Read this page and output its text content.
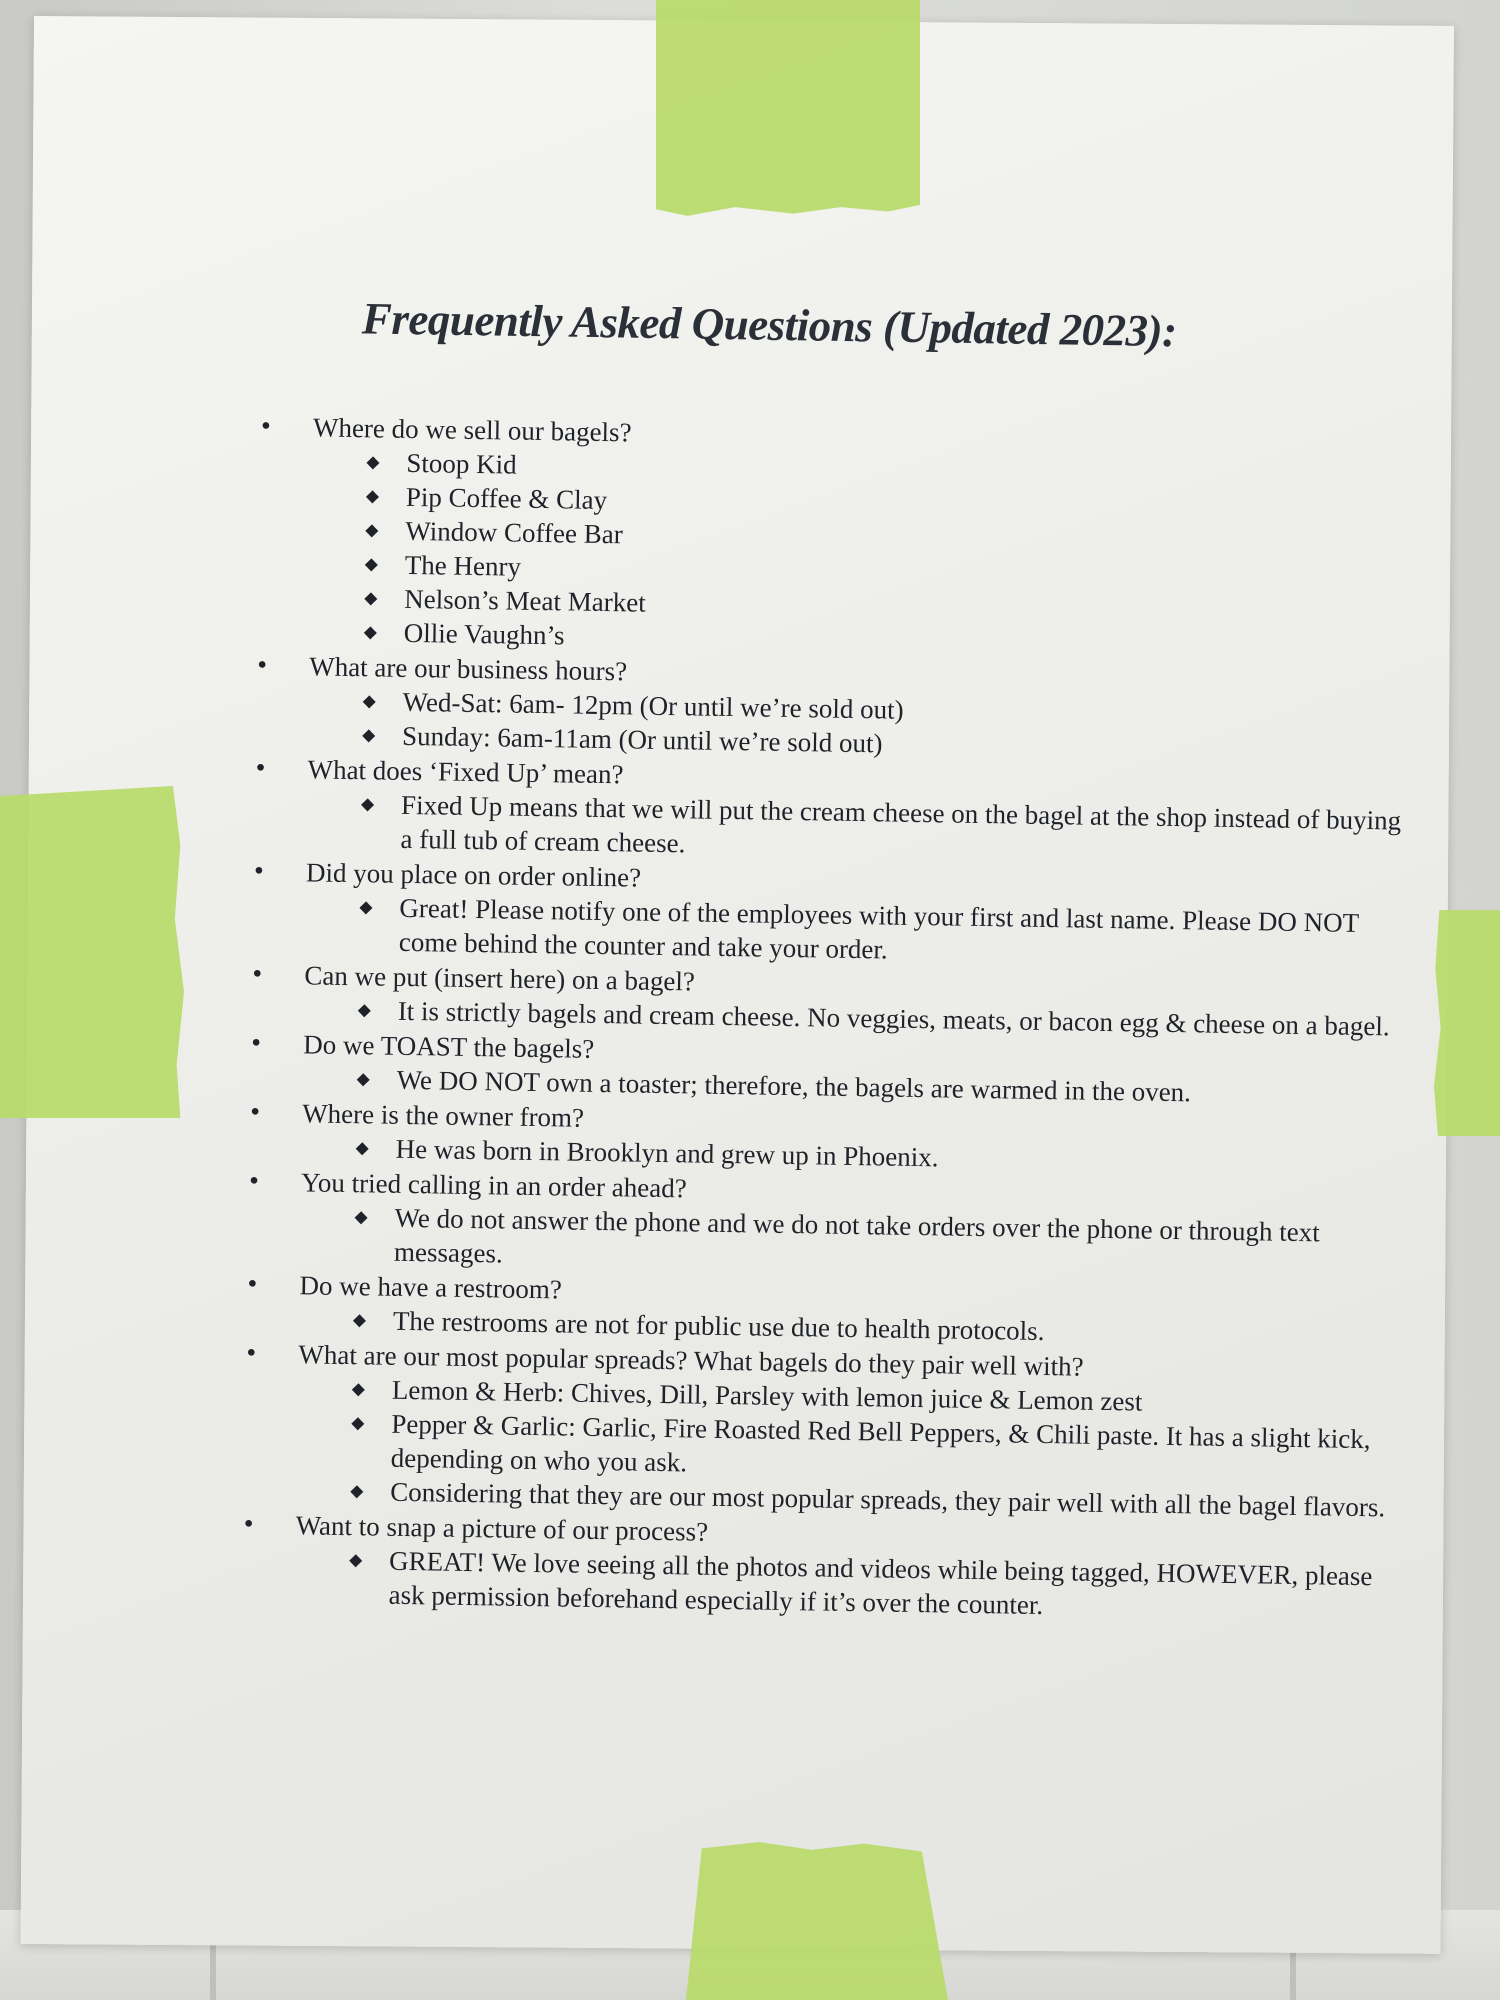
Frequently Asked Questions (Updated 2023):
• Where do we sell our bagels?
◆ Stoop Kid
◆ Pip Coffee & Clay
◆ Window Coffee Bar
◆ The Henry
◆ Nelson’s Meat Market
◆ Ollie Vaughn’s
• What are our business hours?
◆ Wed-Sat: 6am- 12pm (Or until we’re sold out)
◆ Sunday: 6am-11am (Or until we’re sold out)
• What does ‘Fixed Up’ mean?
◆ Fixed Up means that we will put the cream cheese on the bagel at the shop instead of buying a full tub of cream cheese.
• Did you place on order online?
◆ Great! Please notify one of the employees with your first and last name. Please DO NOT come behind the counter and take your order.
• Can we put (insert here) on a bagel?
◆ It is strictly bagels and cream cheese. No veggies, meats, or bacon egg & cheese on a bagel.
• Do we TOAST the bagels?
◆ We DO NOT own a toaster; therefore, the bagels are warmed in the oven.
• Where is the owner from?
◆ He was born in Brooklyn and grew up in Phoenix.
• You tried calling in an order ahead?
◆ We do not answer the phone and we do not take orders over the phone or through text messages.
• Do we have a restroom?
◆ The restrooms are not for public use due to health protocols.
• What are our most popular spreads? What bagels do they pair well with?
◆ Lemon & Herb: Chives, Dill, Parsley with lemon juice & Lemon zest
◆ Pepper & Garlic: Garlic, Fire Roasted Red Bell Peppers, & Chili paste. It has a slight kick, depending on who you ask.
◆ Considering that they are our most popular spreads, they pair well with all the bagel flavors.
• Want to snap a picture of our process?
◆ GREAT! We love seeing all the photos and videos while being tagged, HOWEVER, please ask permission beforehand especially if it’s over the counter.
